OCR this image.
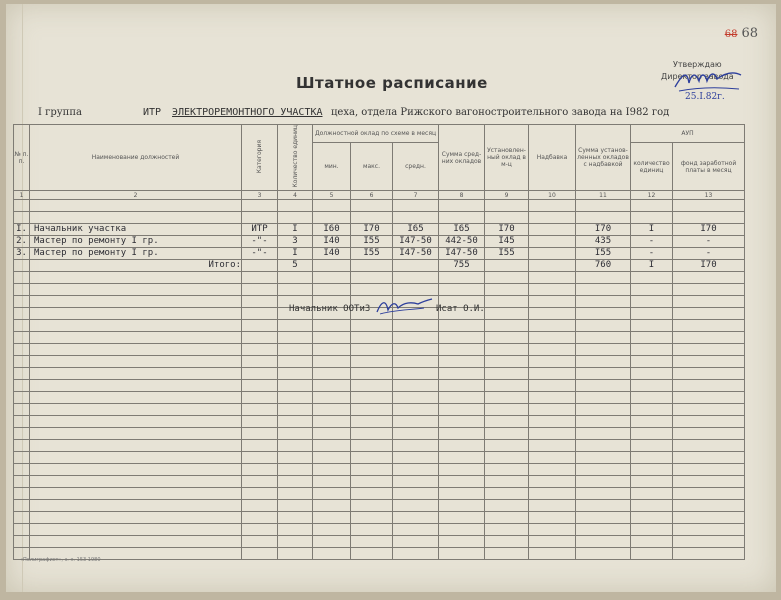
68 68
Утверждаю
Директор завода
25.I.82г.
Штатное расписание
I группа	ИТР ЭЛЕКТРОРЕМОНТНОГО УЧАСТКА цеха, отдела Рижского вагоностроительного завода на I982 год
№ п. п.	Наименование должностей	Категория	Количество единиц	Должностной оклад по схеме в месяц			Сумма сред- них окладов	Установлен- ный оклад в м-ц	Надбавка	Сумма установ- ленных окладов с надбавкой	АУП	
				мин.	макс.	средн.					количество единиц	фонд заработной платы в месяц
1	2	3	4	5	6	7	8	9	10	11	12	13

I.	Начальник участка	ИТР	I	I60	I70	I65	I65	I70		I70	I	I70
2.	Мастер по ремонту I гр.	-"-	3	I40	I55	I47-50	442-50	I45		435	-	-
3.	Мастер по ремонту I гр.	-"-	I	I40	I55	I47-50	I47-50	I55		I55	-	-
	Итого:		5				755			760	I	I70

Начальник ООТиЗ	Исат О.И.
«Полиграфист», з. к. 153 1980
